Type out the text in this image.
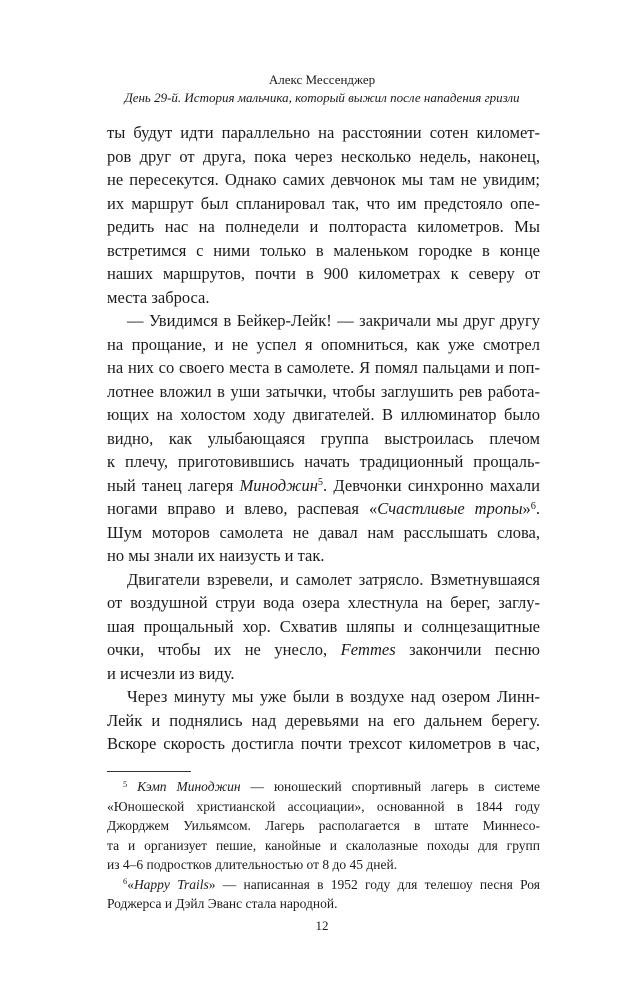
Алекс Мессенджер
День 29-й. История мальчика, который выжил после нападения гризли
ты будут идти параллельно на расстоянии сотен километ-
ров друг от друга, пока через несколько недель, наконец,
не пересекутся. Однако самих девчонок мы там не увидим;
их маршрут был спланировал так, что им предстояло опе-
редить нас на полнедели и полтораста километров. Мы
встретимся с ними только в маленьком городке в конце
наших маршрутов, почти в 900 километрах к северу от
места заброса.
— Увидимся в Бейкер-Лейк! — закричали мы друг другу
на прощание, и не успел я опомниться, как уже смотрел
на них со своего места в самолете. Я помял пальцами и поп-
лотнее вложил в уши затычки, чтобы заглушить рев работа-
ющих на холостом ходу двигателей. В иллюминатор было
видно, как улыбающаяся группа выстроилась плечом
к плечу, приготовившись начать традиционный прощаль-
ный танец лагеря Миноджин$^5$. Девчонки синхронно махали
ногами вправо и влево, распевая «Счастливые тропы»$^6$.
Шум моторов самолета не давал нам расслышать слова,
но мы знали их наизусть и так.
Двигатели взревели, и самолет затрясло. Взметнувшаяся
от воздушной струи вода озера хлестнула на берег, заглу-
шая прощальный хор. Схватив шляпы и солнцезащитные
очки, чтобы их не унесло, Femmes закончили песню
и исчезли из виду.
Через минуту мы уже были в воздухе над озером Линн-
Лейк и поднялись над деревьями на его дальнем берегу.
Вскоре скорость достигла почти трехсот километров в час,
$^5$ Кэмп Миноджин — юношеский спортивный лагерь в системе
«Юношеской христианской ассоциации», основанной в 1844 году
Джорджем Уильямсом. Лагерь располагается в штате Миннесо-
та и организует пешие, канойные и скалолазные походы для групп
из 4–6 подростков длительностью от 8 до 45 дней.
$^6$«Happy Trails» — написанная в 1952 году для телешоу песня Роя
Роджерса и Дэйл Эванс стала народной.
12
